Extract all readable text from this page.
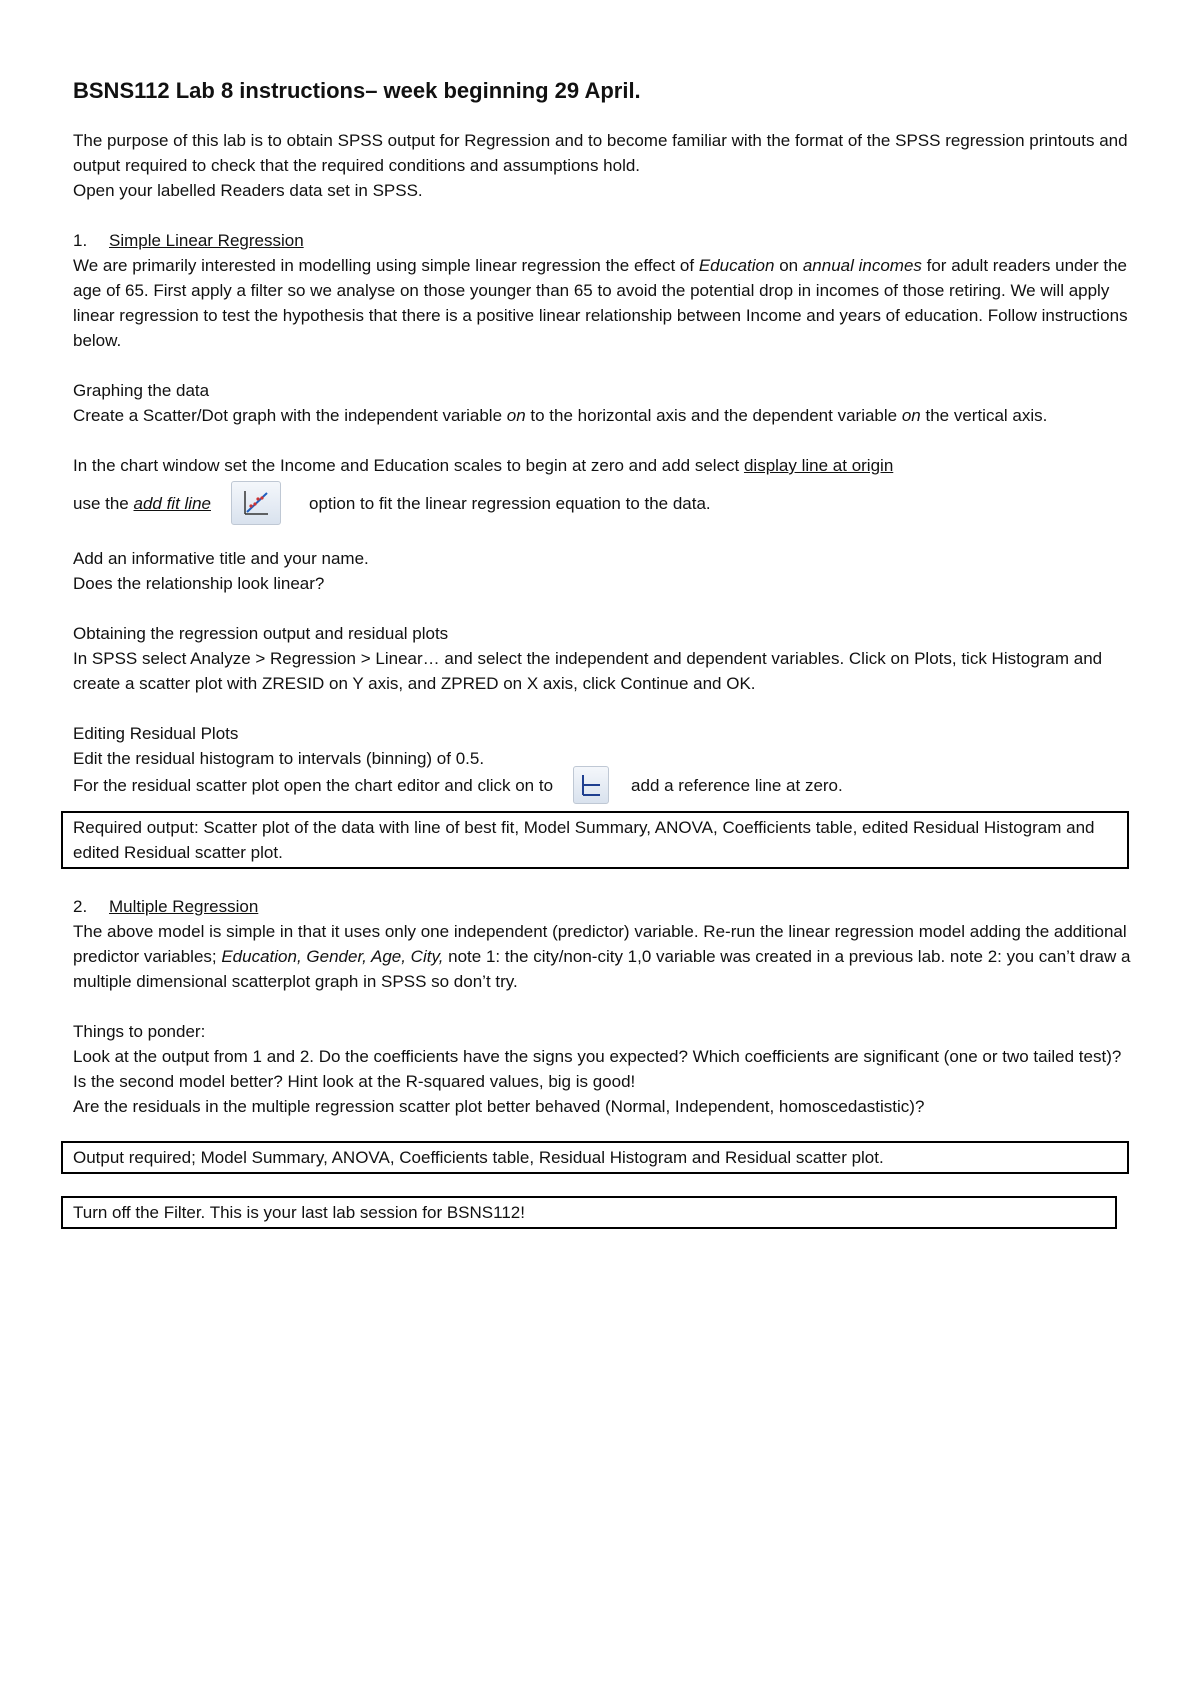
BSNS112 Lab 8 instructions– week beginning 29 April.

The purpose of this lab is to obtain SPSS output for Regression and to become familiar with the format of the SPSS regression printouts and output required to check that the required conditions and assumptions hold.

Open your labelled Readers data set in SPSS.

1. Simple Linear Regression

We are primarily interested in modelling using simple linear regression the effect of Education on annual incomes for adult readers under the age of 65. First apply a filter so we analyse on those younger than 65 to avoid the potential drop in incomes of those retiring. We will apply linear regression to test the hypothesis that there is a positive linear relationship between Income and years of education. Follow instructions below.

Graphing the data

Create a Scatter/Dot graph with the independent variable on to the horizontal axis and the dependent variable on the vertical axis.

In the chart window set the Income and Education scales to begin at zero and add select display line at origin

use the
add fit line	option to fit the linear regression equation to the data.

Add an informative title and your name.

Does the relationship look linear?

Obtaining the regression output and residual plots

In SPSS select Analyze > Regression > Linear… and select the independent and dependent variables. Click on Plots, tick Histogram and create a scatter plot with ZRESID on Y axis, and ZPRED on X axis, click Continue and OK.

Editing Residual Plots

Edit the residual histogram to intervals (binning) of 0.5.

For the residual scatter plot open the chart editor and click on to	add a reference line at zero.
Required output: Scatter plot of the data with line of best fit, Model Summary, ANOVA, Coefficients table, edited Residual Histogram and edited Residual scatter plot.

2. Multiple Regression

The above model is simple in that it uses only one independent (predictor) variable. Re-run the linear regression model adding the additional predictor variables; Education, Gender, Age, City, note 1: the city/non-city 1,0 variable was created in a previous lab. note 2: you can’t draw a multiple dimensional scatterplot graph in SPSS so don’t try.

Things to ponder:

Look at the output from 1 and 2. Do the coefficients have the signs you expected? Which coefficients are significant (one or two tailed test)?

Is the second model better? Hint look at the R-squared values, big is good!

Are the residuals in the multiple regression scatter plot better behaved (Normal, Independent, homoscedastistic)?

Output required; Model Summary, ANOVA, Coefficients table, Residual Histogram and Residual scatter plot.
Turn off the Filter. This is your last lab session for BSNS112!
